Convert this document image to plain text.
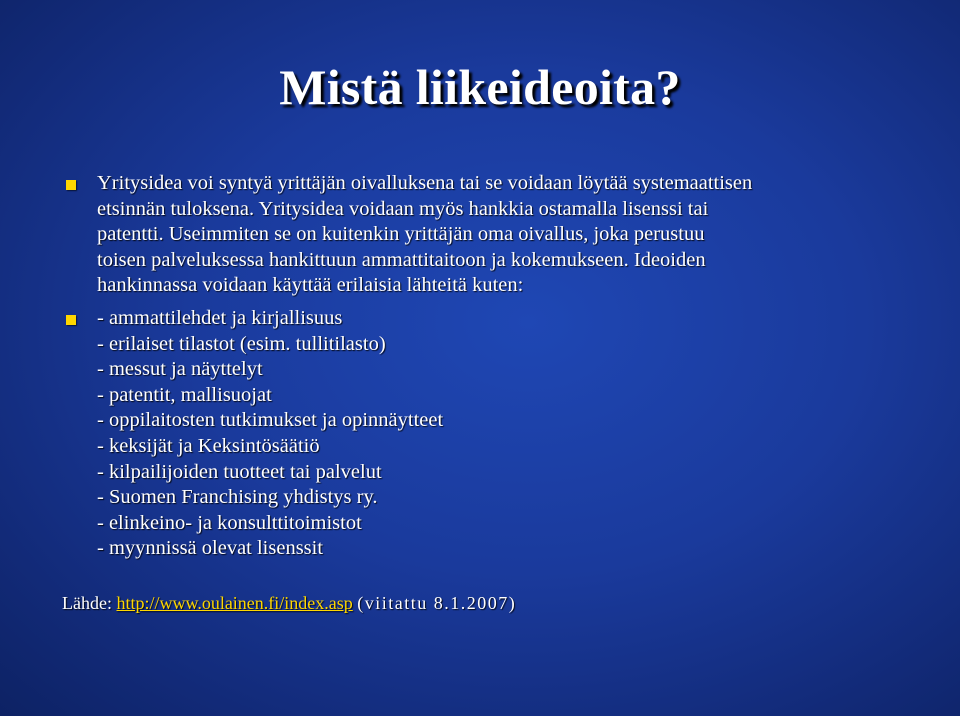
Mistä liikeideoita?
Yritysidea voi syntyä yrittäjän oivalluksena tai se voidaan löytää systemaattisen
etsinnän tuloksena. Yritysidea voidaan myös hankkia ostamalla lisenssi tai
patentti. Useimmiten se on kuitenkin yrittäjän oma oivallus, joka perustuu
toisen palveluksessa hankittuun ammattitaitoon ja kokemukseen. Ideoiden
hankinnassa voidaan käyttää erilaisia lähteitä kuten:
- ammattilehdet ja kirjallisuus
- erilaiset tilastot (esim. tullitilasto)
- messut ja näyttelyt
- patentit, mallisuojat
- oppilaitosten tutkimukset ja opinnäytteet
- keksijät ja Keksintösäätiö
- kilpailijoiden tuotteet tai palvelut
- Suomen Franchising yhdistys ry.
- elinkeino- ja konsulttitoimistot
- myynnissä olevat lisenssit
Lähde: http://www.oulainen.fi/index.asp (viitattu 8.1.2007)
